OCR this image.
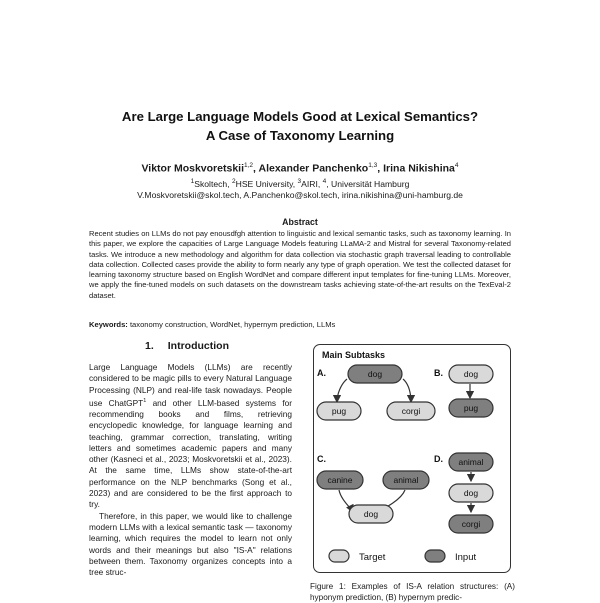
Are Large Language Models Good at Lexical Semantics?
A Case of Taxonomy Learning
Viktor Moskvoretskii$^{1,2}$, Alexander Panchenko$^{1,3}$, Irina Nikishina$^4$
$^1$Skoltech, $^2$HSE University, $^3$AIRI, $^4$, Universität Hamburg
V.Moskvoretskii@skol.tech, A.Panchenko@skol.tech, irina.nikishina@uni-hamburg.de
Abstract
Recent studies on LLMs do not pay enousdfgh attention to linguistic and lexical semantic tasks, such as taxonomy learning. In this paper, we explore the capacities of Large Language Models featuring LLaMA-2 and Mistral for several Taxonomy-related tasks. We introduce a new methodology and algorithm for data collection via stochastic graph traversal leading to controllable data collection. Collected cases provide the ability to form nearly any type of graph operation. We test the collected dataset for learning taxonomy structure based on English WordNet and compare different input templates for fine-tuning LLMs. Moreover, we apply the fine-tuned models on such datasets on the downstream tasks achieving state-of-the-art results on the TexEval-2 dataset.
Keywords: taxonomy construction, WordNet, hypernym prediction, LLMs
1. Introduction

Large Language Models (LLMs) are recently considered to be magic pills to every Natural Language Processing (NLP) and real-life task nowadays. People use ChatGPT$^1$ and other LLM-based systems for recommending books and films, retrieving encyclopedic knowledge, for language learning and teaching, grammar correction, translating, writing letters and sometimes academic papers and many other (Kasneci et al., 2023; Moskvoretskii et al., 2023). At the same time, LLMs show state-of-the-art performance on the NLP benchmarks (Song et al., 2023) and are considered to be the first approach to try.

Therefore, in this paper, we would like to challenge modern LLMs with a lexical semantic task — taxonomy learning, which requires the model to learn not only words and their meanings but also "IS-A" relations between them. Taxonomy organizes concepts into a tree struc-

Main Subtasks
A.	dog
pug	corgi
B. dog
pug
C.
canine	animal
dog
D. animal
dog
corgi
Target	Input
Figure 1: Examples of IS-A relation structures: (A) hyponym prediction, (B) hypernym predic-
